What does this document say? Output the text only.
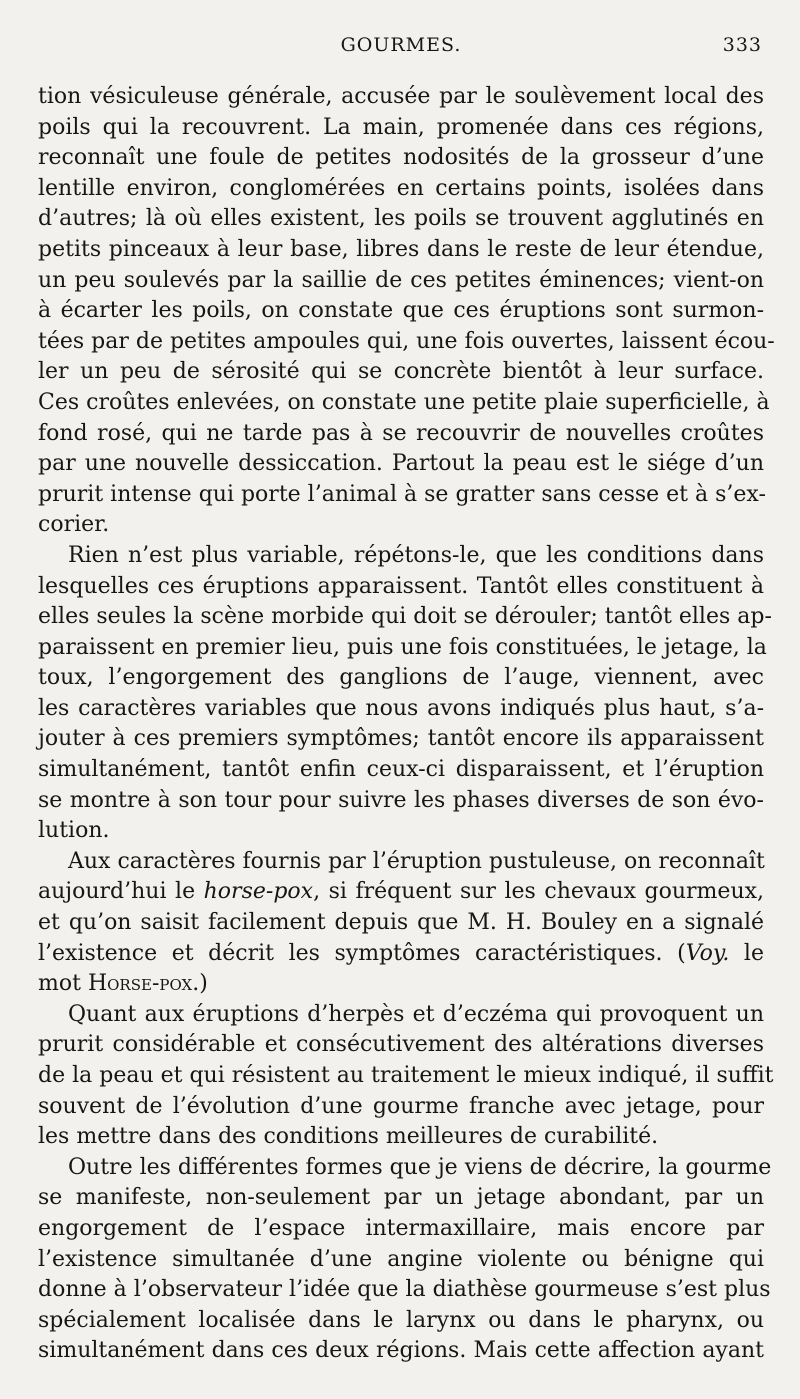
GOURMES.	333
tion vésiculeuse générale, accusée par le soulèvement local des
poils qui la recouvrent. La main, promenée dans ces régions,
reconnaît une foule de petites nodosités de la grosseur d’une
lentille environ, conglomérées en certains points, isolées dans
d’autres; là où elles existent, les poils se trouvent agglutinés en
petits pinceaux à leur base, libres dans le reste de leur étendue,
un peu soulevés par la saillie de ces petites éminences; vient-on
à écarter les poils, on constate que ces éruptions sont surmon-
tées par de petites ampoules qui, une fois ouvertes, laissent écou-
ler un peu de sérosité qui se concrète bientôt à leur surface.
Ces croûtes enlevées, on constate une petite plaie superficielle, à
fond rosé, qui ne tarde pas à se recouvrir de nouvelles croûtes
par une nouvelle dessiccation. Partout la peau est le siége d’un
prurit intense qui porte l’animal à se gratter sans cesse et à s’ex-
corier.
Rien n’est plus variable, répétons-le, que les conditions dans
lesquelles ces éruptions apparaissent. Tantôt elles constituent à
elles seules la scène morbide qui doit se dérouler; tantôt elles ap-
paraissent en premier lieu, puis une fois constituées, le jetage, la
toux, l’engorgement des ganglions de l’auge, viennent, avec
les caractères variables que nous avons indiqués plus haut, s’a-
jouter à ces premiers symptômes; tantôt encore ils apparaissent
simultanément, tantôt enfin ceux-ci disparaissent, et l’éruption
se montre à son tour pour suivre les phases diverses de son évo-
lution.
Aux caractères fournis par l’éruption pustuleuse, on reconnaît
aujourd’hui le horse-pox, si fréquent sur les chevaux gourmeux,
et qu’on saisit facilement depuis que M. H. Bouley en a signalé
l’existence et décrit les symptômes caractéristiques. (Voy. le
mot Horse-pox.)
Quant aux éruptions d’herpès et d’eczéma qui provoquent un
prurit considérable et consécutivement des altérations diverses
de la peau et qui résistent au traitement le mieux indiqué, il suffit
souvent de l’évolution d’une gourme franche avec jetage, pour
les mettre dans des conditions meilleures de curabilité.
Outre les différentes formes que je viens de décrire, la gourme
se manifeste, non-seulement par un jetage abondant, par un
engorgement de l’espace intermaxillaire, mais encore par
l’existence simultanée d’une angine violente ou bénigne qui
donne à l’observateur l’idée que la diathèse gourmeuse s’est plus
spécialement localisée dans le larynx ou dans le pharynx, ou
simultanément dans ces deux régions. Mais cette affection ayant
